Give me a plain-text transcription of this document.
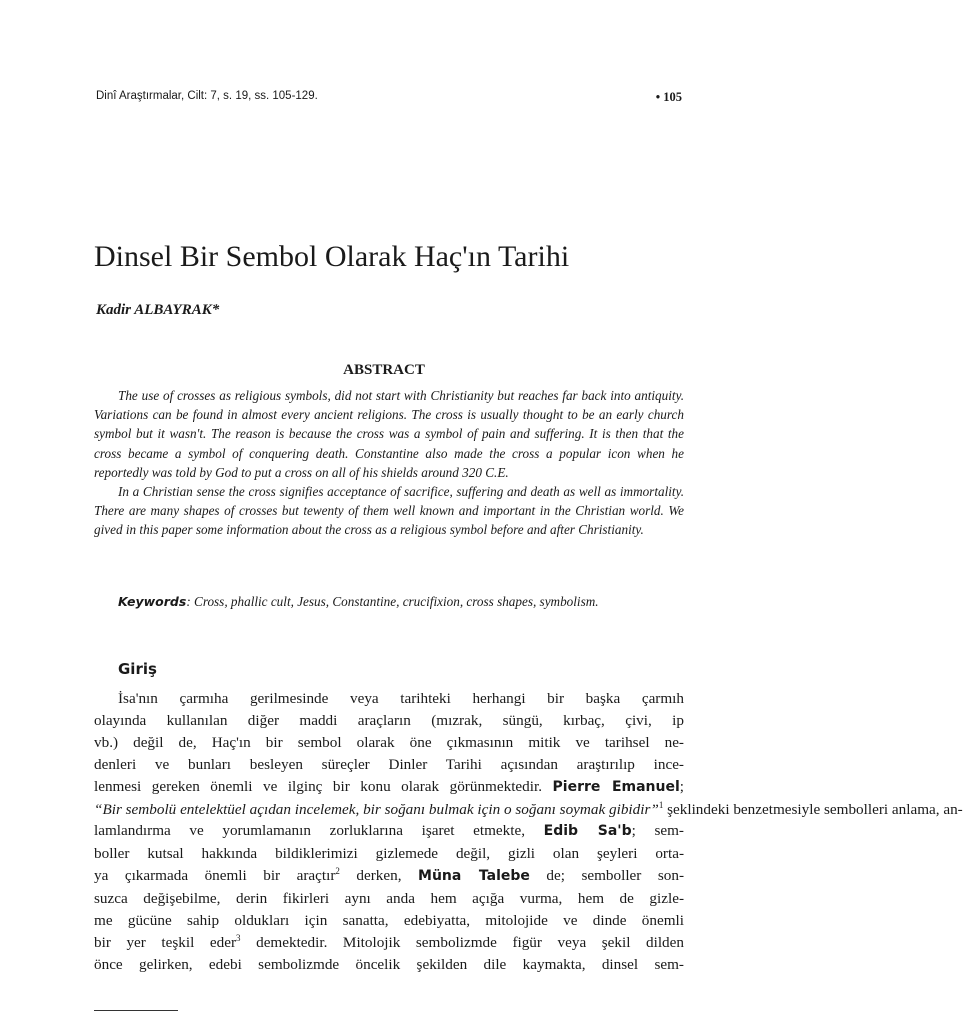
Dinî Araştırmalar, Cilt: 7, s. 19, ss. 105-129.	• 105
Dinsel Bir Sembol Olarak Haç'ın Tarihi
Kadir ALBAYRAK*
ABSTRACT

The use of crosses as religious symbols, did not start with Christianity but reaches far back into antiquity. Variations can be found in almost every ancient religions. The cross is usually thought to be an early church symbol but it wasn't. The reason is because the cross was a symbol of pain and suffering. It is then that the cross became a symbol of conquering death. Constantine also made the cross a popular icon when he reportedly was told by God to put a cross on all of his shields around 320 C.E.

In a Christian sense the cross signifies acceptance of sacrifice, suffering and death as well as immortality. There are many shapes of crosses but tewenty of them well known and important in the Christian world. We gived in this paper some information about the cross as a religious symbol before and after Christianity.

Keywords: Cross, phallic cult, Jesus, Constantine, crucifixion, cross shapes, symbolism.
Giriş
İsa'nın çarmıha gerilmesinde veya tarihteki herhangi bir başka çarmıh
olayında kullanılan diğer maddi araçların (mızrak, süngü, kırbaç, çivi, ip
vb.) değil de, Haç'ın bir sembol olarak öne çıkmasının mitik ve tarihsel ne-
denleri ve bunları besleyen süreçler Dinler Tarihi açısından araştırılıp ince-
lenmesi gereken önemli ve ilginç bir konu olarak görünmektedir. Pierre Emanuel;
“Bir sembolü entelektüel açıdan incelemek, bir soğanı bulmak için o soğanı soymak gibidir”$^1$ şeklindeki benzetmesiyle sembolleri anlama, an-
lamlandırma ve yorumlamanın zorluklarına işaret etmekte, Edib Sa'b; sem-
boller kutsal hakkında bildiklerimizi gizlemede değil, gizli olan şeyleri orta-
ya çıkarmada önemli bir araçtır$^2$ derken, Müna Talebe de; semboller son-
suzca değişebilme, derin fikirleri aynı anda hem açığa vurma, hem de gizle-
me gücüne sahip oldukları için sanatta, edebiyatta, mitolojide ve dinde önemli
bir yer teşkil eder$^3$ demektedir. Mitolojik sembolizmde figür veya şekil dilden
önce gelirken, edebi sembolizmde öncelik şekilden dile kaymakta, dinsel sem-
